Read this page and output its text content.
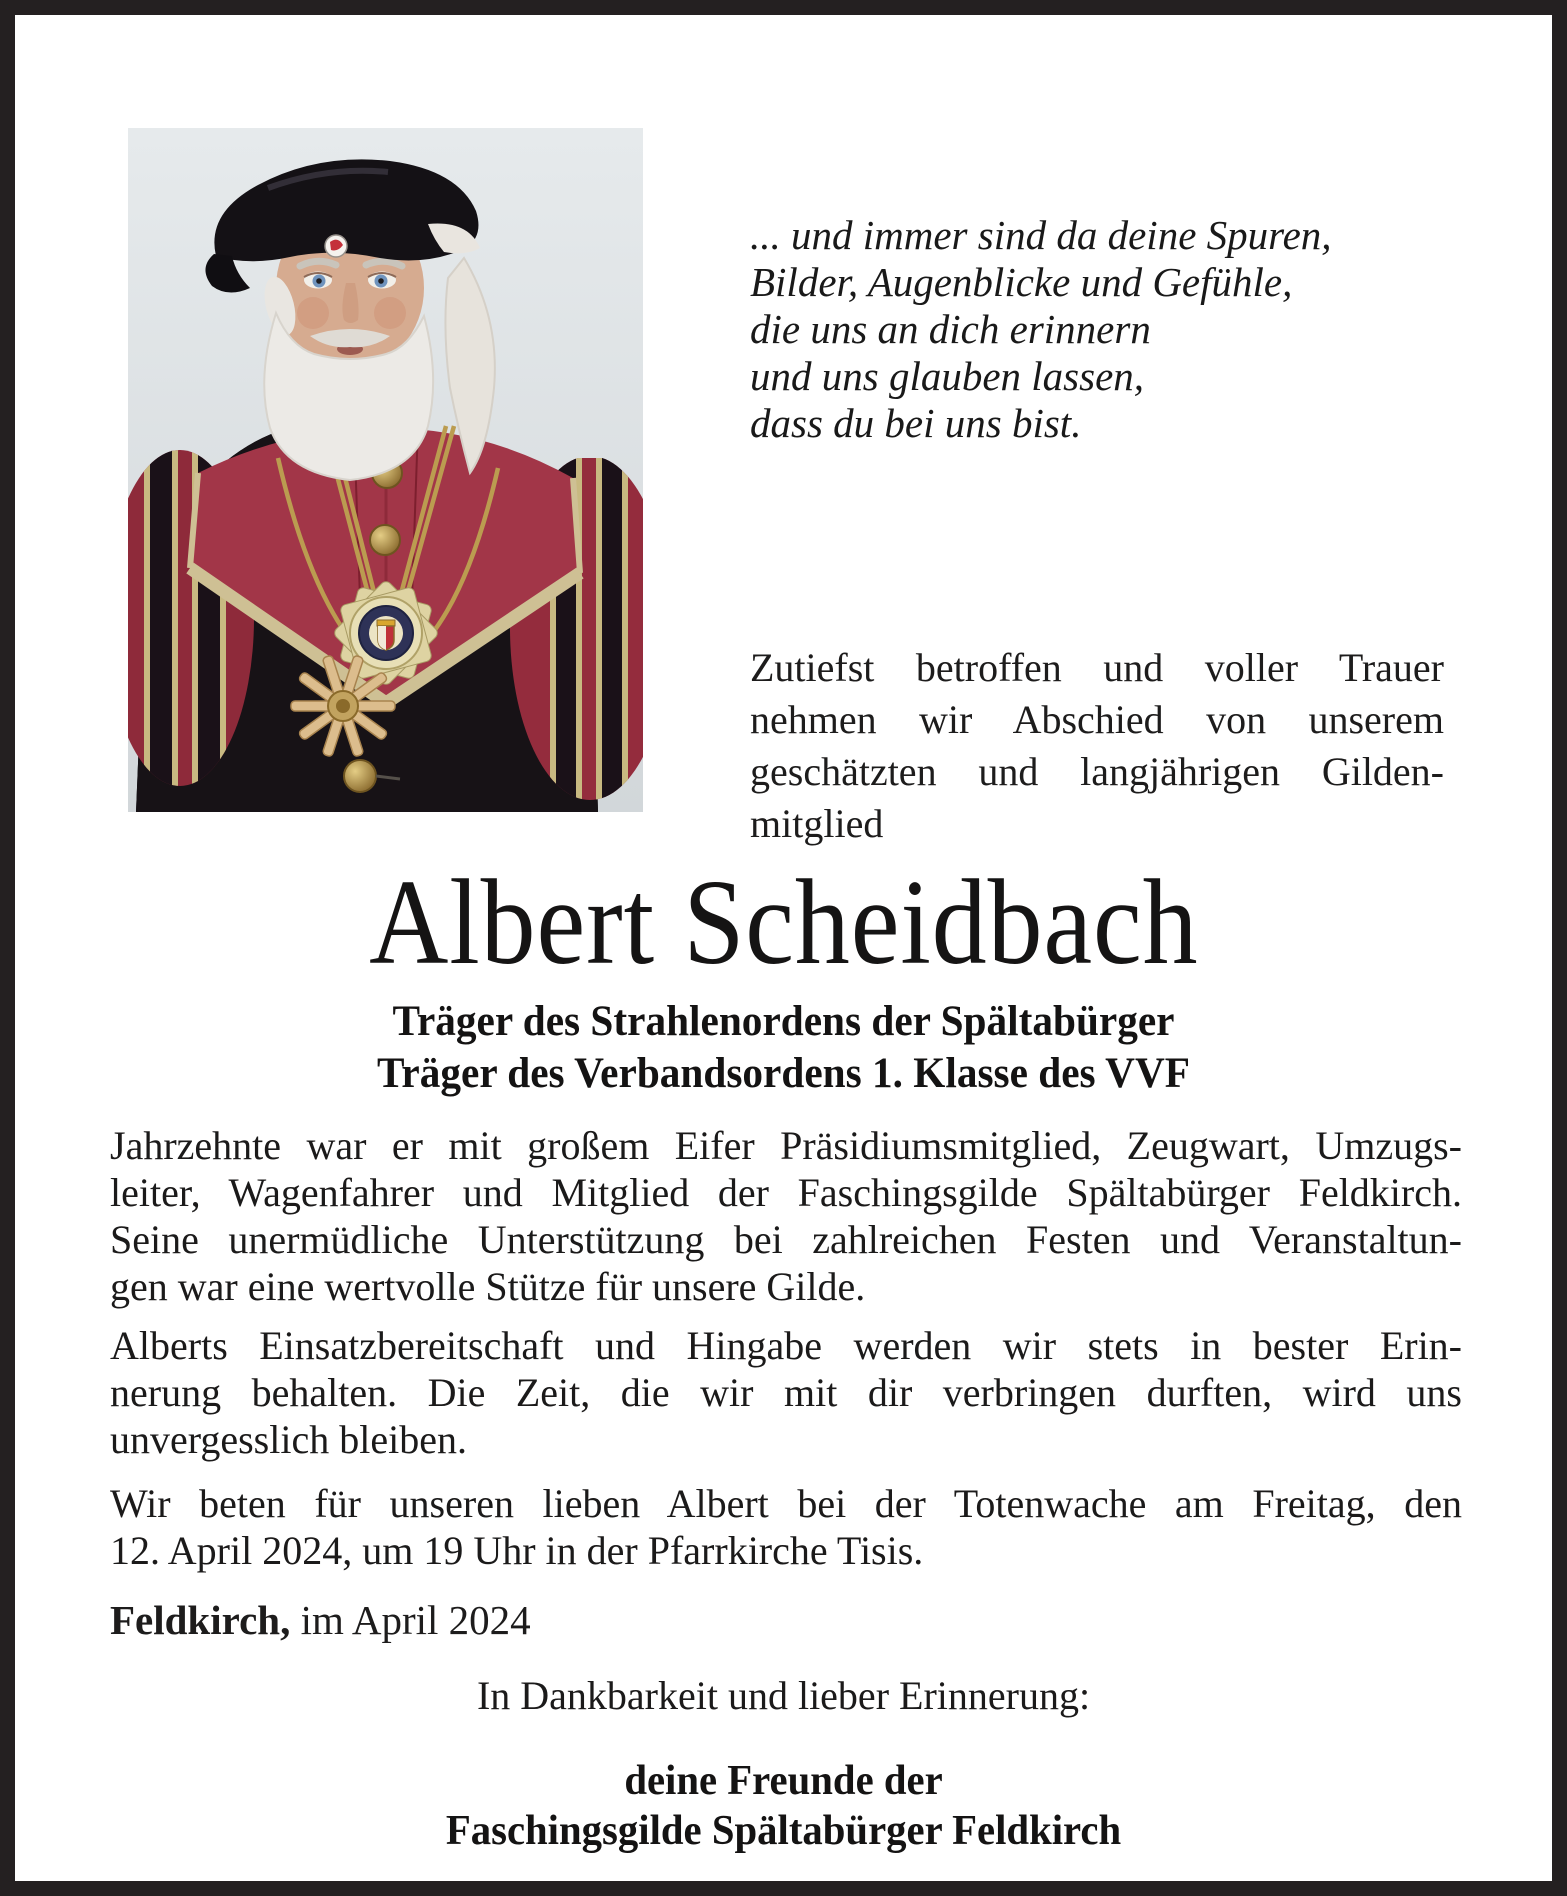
... und immer sind da deine Spuren,
Bilder, Augenblicke und Gefühle,
die uns an dich erinnern
und uns glauben lassen,
dass du bei uns bist.
Zutiefst betroffen und voller Trauer
nehmen wir Abschied von unserem
geschätzten und langjährigen Gilden-
mitglied
Albert Scheidbach
Träger des Strahlenordens der Spältabürger
Träger des Verbandsordens 1. Klasse des VVF
Jahrzehnte war er mit großem Eifer Präsidiumsmitglied, Zeugwart, Umzugs-
leiter, Wagenfahrer und Mitglied der Faschingsgilde Spältabürger Feldkirch.
Seine unermüdliche Unterstützung bei zahlreichen Festen und Veranstaltun-
gen war eine wertvolle Stütze für unsere Gilde.
Alberts Einsatzbereitschaft und Hingabe werden wir stets in bester Erin-
nerung behalten. Die Zeit, die wir mit dir verbringen durften, wird uns
unvergesslich bleiben.
Wir beten für unseren lieben Albert bei der Totenwache am Freitag, den
12. April 2024, um 19 Uhr in der Pfarrkirche Tisis.
Feldkirch, im April 2024
In Dankbarkeit und lieber Erinnerung:
deine Freunde der
Faschingsgilde Spältabürger Feldkirch
